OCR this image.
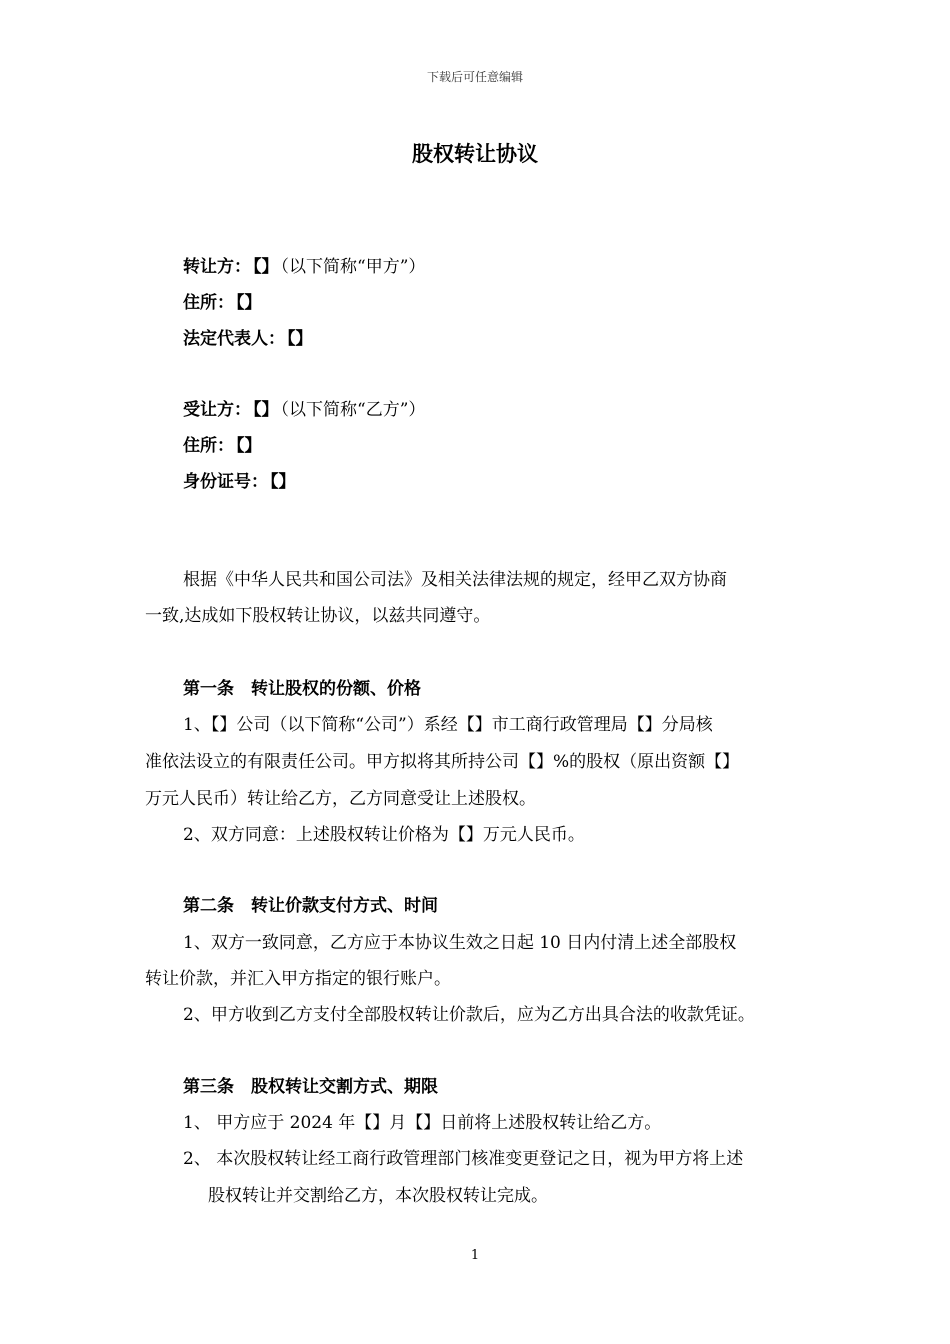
下载后可任意编辑
股权转让协议
转让方： 【】 （以下简称“甲方”）
住所： 【】
法定代表人： 【】
受让方： 【】 （以下简称“乙方”）
住所： 【】
身份证号： 【】
根据《中华人民共和国公司法》及相关法律法规的规定，经甲乙双方协商
一致,达成如下股权转让协议，以兹共同遵守。
第一条　转让股权的份额、价格
1、【】公司（以下简称“公司”）系经【】市工商行政管理局【】分局核
准依法设立的有限责任公司。甲方拟将其所持公司【】%的股权（原出资额【】
万元人民币）转让给乙方，乙方同意受让上述股权。
2、双方同意：上述股权转让价格为【】万元人民币。
第二条　转让价款支付方式、时间
1、双方一致同意，乙方应于本协议生效之日起 10 日内付清上述全部股权
转让价款，并汇入甲方指定的银行账户。
2、甲方收到乙方支付全部股权转让价款后，应为乙方出具合法的收款凭证。
第三条　股权转让交割方式、期限
1、 甲方应于 2024 年【】月【】日前将上述股权转让给乙方。
2、 本次股权转让经工商行政管理部门核准变更登记之日，视为甲方将上述
股权转让并交割给乙方，本次股权转让完成。
1
